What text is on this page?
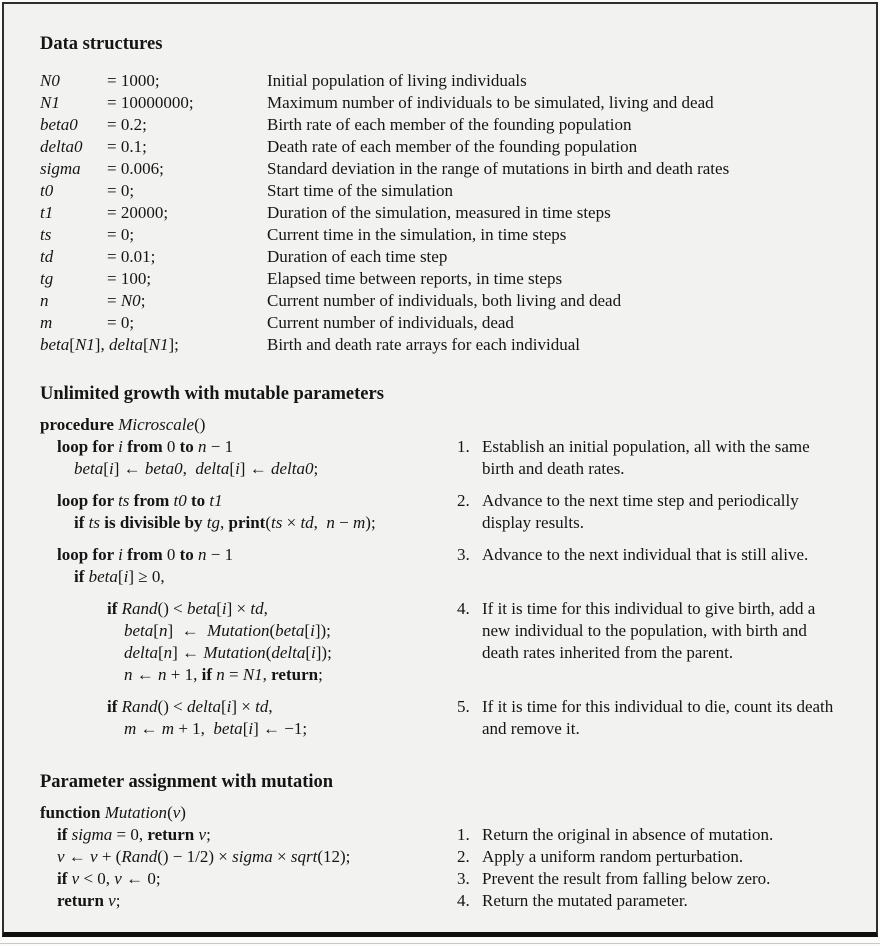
Data structures
N0	= 1000;	Initial population of living individuals
N1	= 10000000;	Maximum number of individuals to be simulated, living and dead
beta0	= 0.2;	Birth rate of each member of the founding population
delta0	= 0.1;	Death rate of each member of the founding population
sigma	= 0.006;	Standard deviation in the range of mutations in birth and death rates
t0	= 0;	Start time of the simulation
t1	= 20000;	Duration of the simulation, measured in time steps
ts	= 0;	Current time in the simulation, in time steps
td	= 0.01;	Duration of each time step
tg	= 100;	Elapsed time between reports, in time steps
n	= N0;	Current number of individuals, both living and dead
m	= 0;	Current number of individuals, dead
beta[N1], delta[N1];	Birth and death rate arrays for each individual
Unlimited growth with mutable parameters
procedure Microscale()
loop for i from 0 to n − 1
beta[i] ← beta0,  delta[i] ← delta0;
1. Establish an initial population, all with the same birth and death rates.
loop for ts from t0 to t1
if ts is divisible by tg, print(ts × td,  n − m);
2. Advance to the next time step and periodically display results.
loop for i from 0 to n − 1
if beta[i] ≥ 0,
3. Advance to the next individual that is still alive.
if Rand() < beta[i] × td,
beta[n]  ←  Mutation(beta[i]);
delta[n] ← Mutation(delta[i]);
n ← n + 1, if n = N1, return;
4. If it is time for this individual to give birth, add a new individual to the population, with birth and death rates inherited from the parent.
if Rand() < delta[i] × td,
m ← m + 1,  beta[i] ← −1;
5. If it is time for this individual to die, count its death and remove it.
Parameter assignment with mutation
function Mutation(v)
if sigma = 0, return v;	1. Return the original in absence of mutation.
v ← v + (Rand() − 1/2) × sigma × sqrt(12);	2. Apply a uniform random perturbation.
if v < 0, v ← 0;	3. Prevent the result from falling below zero.
return v;	4. Return the mutated parameter.
